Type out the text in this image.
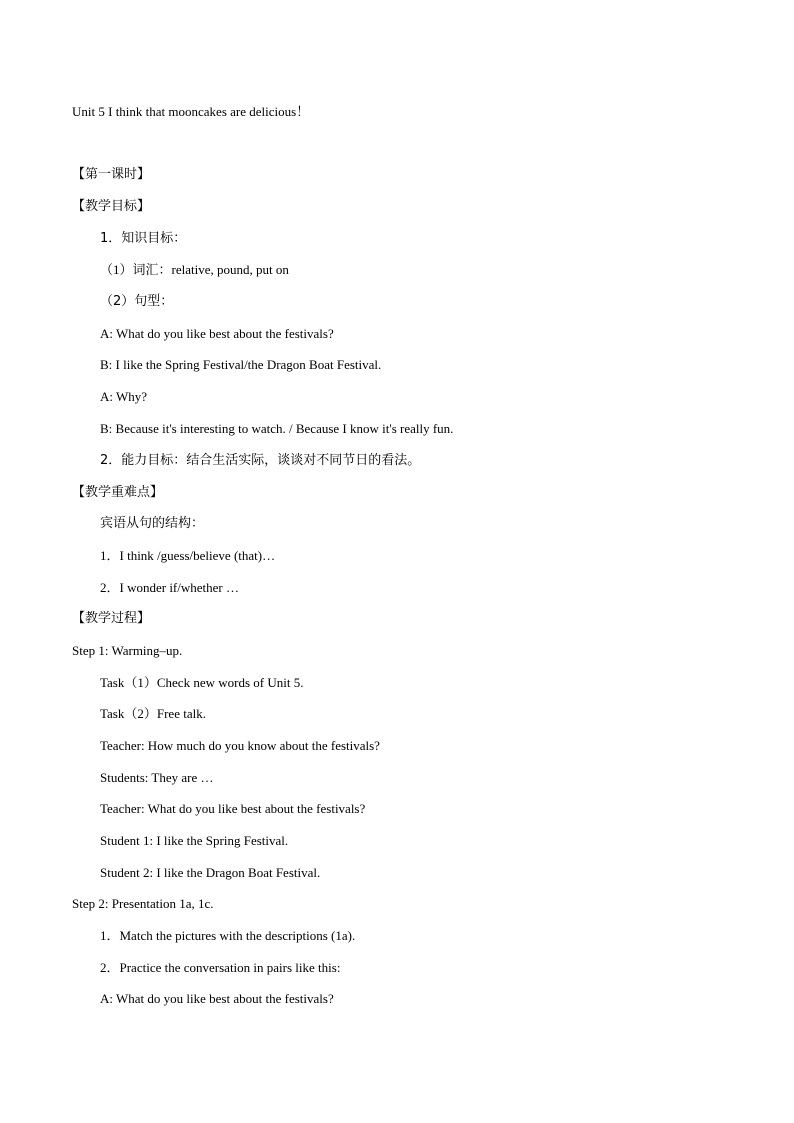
Unit 5 I think that mooncakes are delicious！
【第一课时】
【教学目标】
1．知识目标：
（1）词汇：relative, pound, put on
（2）句型：
A: What do you like best about the festivals?
B: I like the Spring Festival/the Dragon Boat Festival.
A: Why?
B: Because it's interesting to watch. / Because I know it's really fun.
2．能力目标：结合生活实际，谈谈对不同节日的看法。
【教学重难点】
宾语从句的结构：
1．I think /guess/believe (that)…
2．I wonder if/whether …
【教学过程】
Step 1: Warming–up.
Task（1）Check new words of Unit 5.
Task（2）Free talk.
Teacher: How much do you know about the festivals?
Students: They are …
Teacher: What do you like best about the festivals?
Student 1: I like the Spring Festival.
Student 2: I like the Dragon Boat Festival.
Step 2: Presentation 1a, 1c.
1．Match the pictures with the descriptions (1a).
2．Practice the conversation in pairs like this:
A: What do you like best about the festivals?
